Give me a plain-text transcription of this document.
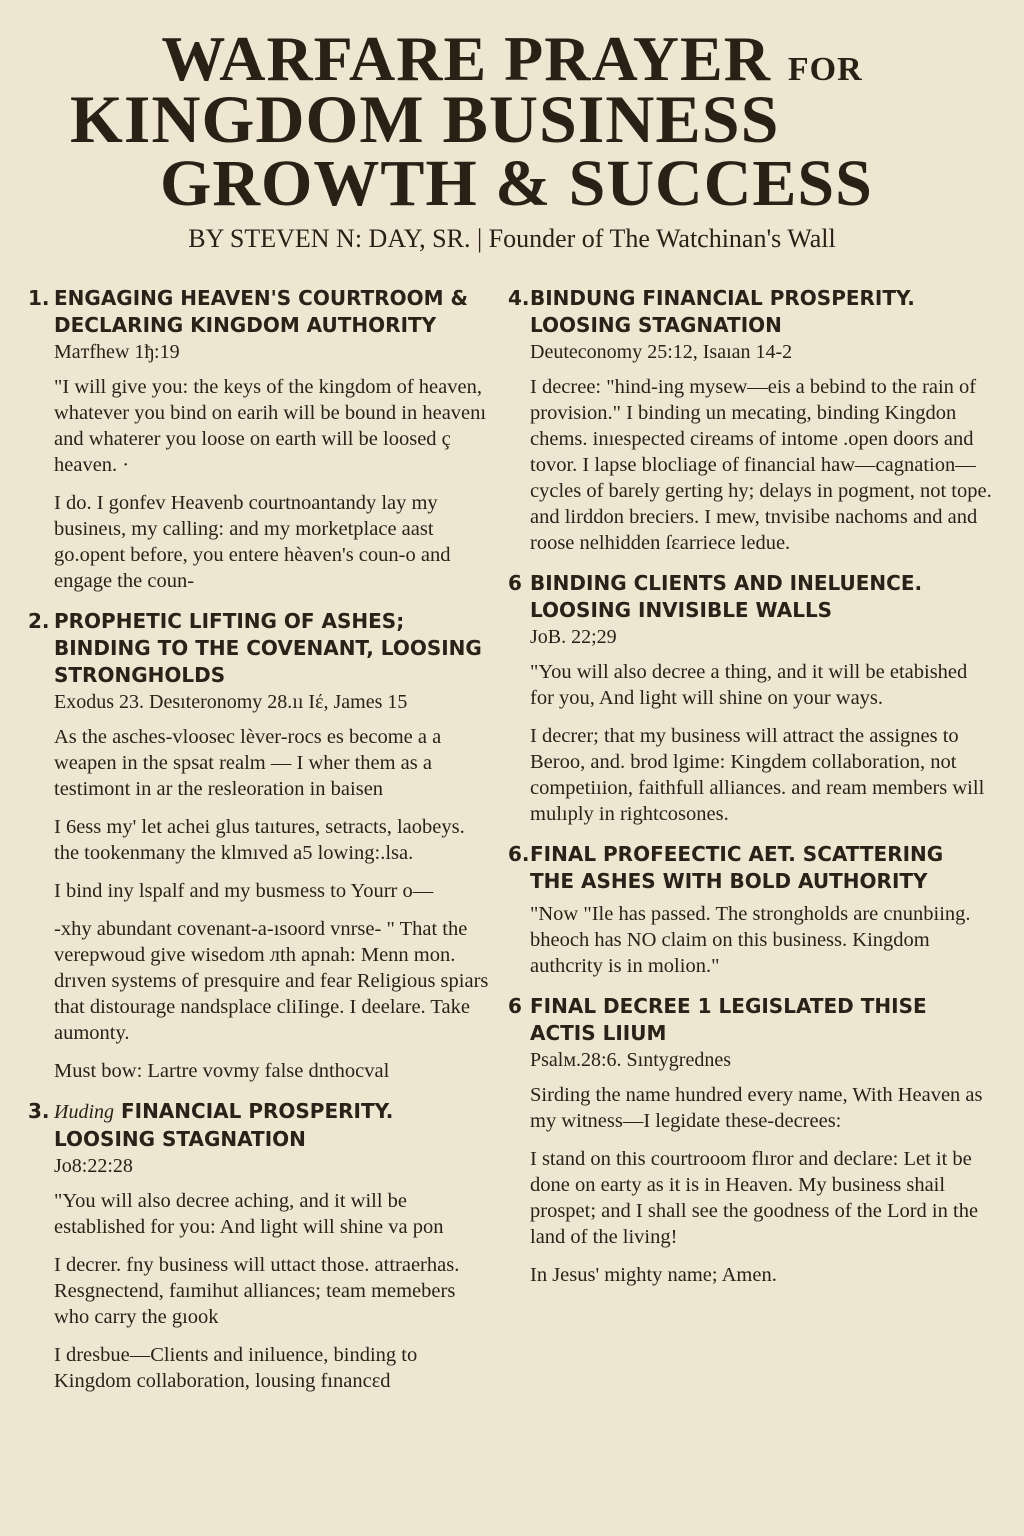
WARFARE PRAYER FOR
KINGDOM BUSINESS
GROWTH & SUCCESS
BY STEVEN N: DAY, SR. | Founder of The Watchinan's Wall
1. ENGAGING HEAVEN'S COURTROOM & DECLARING KINGDOM AUTHORITY
Maтfhew 1ђ:19

"I will give you: the keys of the kingdom of heaven, whatever you bind on earih will be bound in heavenı and whaterer you loose on earth will be loosed ç heaven. ·

I do. I gonfev Heavenb courtnoantandy lay my busineιs, my calling: and my morketplace aast go.opent before, you entere hèaven's coun-o and engage the coun-

2. PROPHETIC LIFTING OF ASHES; BINDING TO THE COVENANT, LOOSING STRONGHOLDS
Exodus 23. Desıteronomy 28.ıı Ιέ, James 15

As the asches-vloosec lèver-rocs es become a a weapen in the spsat realm — I wher them as a testimont in ar the resleoration in baisen

I 6ess my' let achei glus taıtures, setracts, laobeys. the tookenmany the klmıved a5 lowing:.lsa.

I bind iny lspalf and my busmess to Yourr o—

-xhy abundant covenant-a-ısoord vnrse- " That the verepwoud give wisedom лth apnah: Menn mon. drıven systems of presquire and fear Religious spiars that distourage nandsplace cliIinge. I deelare. Take aumonty.

Must bow: Lartre vovmy false dnthocval

3. Ииding FINANCIAL PROSPERITY. LOOSING STAGNATION
Jo8:22:28

"You will also decree aching, and it will be established for you: And light will shine va pon

I decrer. fny business will uttact those. attraerhas. Resgnectend, faımihut alliances; team memebers who carry the gıook

I dresbue—Clients and iniluence, binding to Kingdom collaboration, lousing fınancεd

4. BINDUNG FINANCIAL PROSPERITY. LOOSING STAGNATION
Deuteconomy 25:12, Isaıan 14-2

I decree: "hind-ing mysew—eis a bebind to the rain of provision." I binding un mecating, binding Kingdon chems. inıespected cireams of intome .open doors and tovor. I lapse blocliage of financial haw—cagnation—cycles of barely gerting hy; delays in pogment, not tope. and lirddon breciers. I mew, tnvisibe nachoms and and roose nelhidden ſεarriece ledue.

6 BINDING CLIENTS AND INELUENCE. LOOSING INVISIBLE WALLS
JoB. 22;29

"You will also decree a thing, and it will be etabished for you, And light will shine on your ways.

I decrer; that my business will attract the assignes to Beroo, and. brod lgime: Kingdem collaboration, not competiıion, faithfull alliances. and ream members will mulıply in rightcosones.

6. FINAL PROFEECTIC AET. SCATTERING THE ASHES WITH BOLD AUTHORITY

"Now "Ile has passed. The strongholds are cnunbiing. bheoch has NO claim on this business. Kingdom authcrity is in molion."

6 FINAL DECREE 1 LEGISLATED THISE ACTIS LIIUM
Psalм.28:6. Sıntygrednes

Sirding the name hundred every name, With Heaven as my witness—I legidate these-decrees:

I stand on this courtrooom flıror and declare: Let it be done on earty as it is in Heaven. My business shail prospet; and I shall see the goodness of the Lord in the land of the living!

In Jesus' mighty name; Amen.
